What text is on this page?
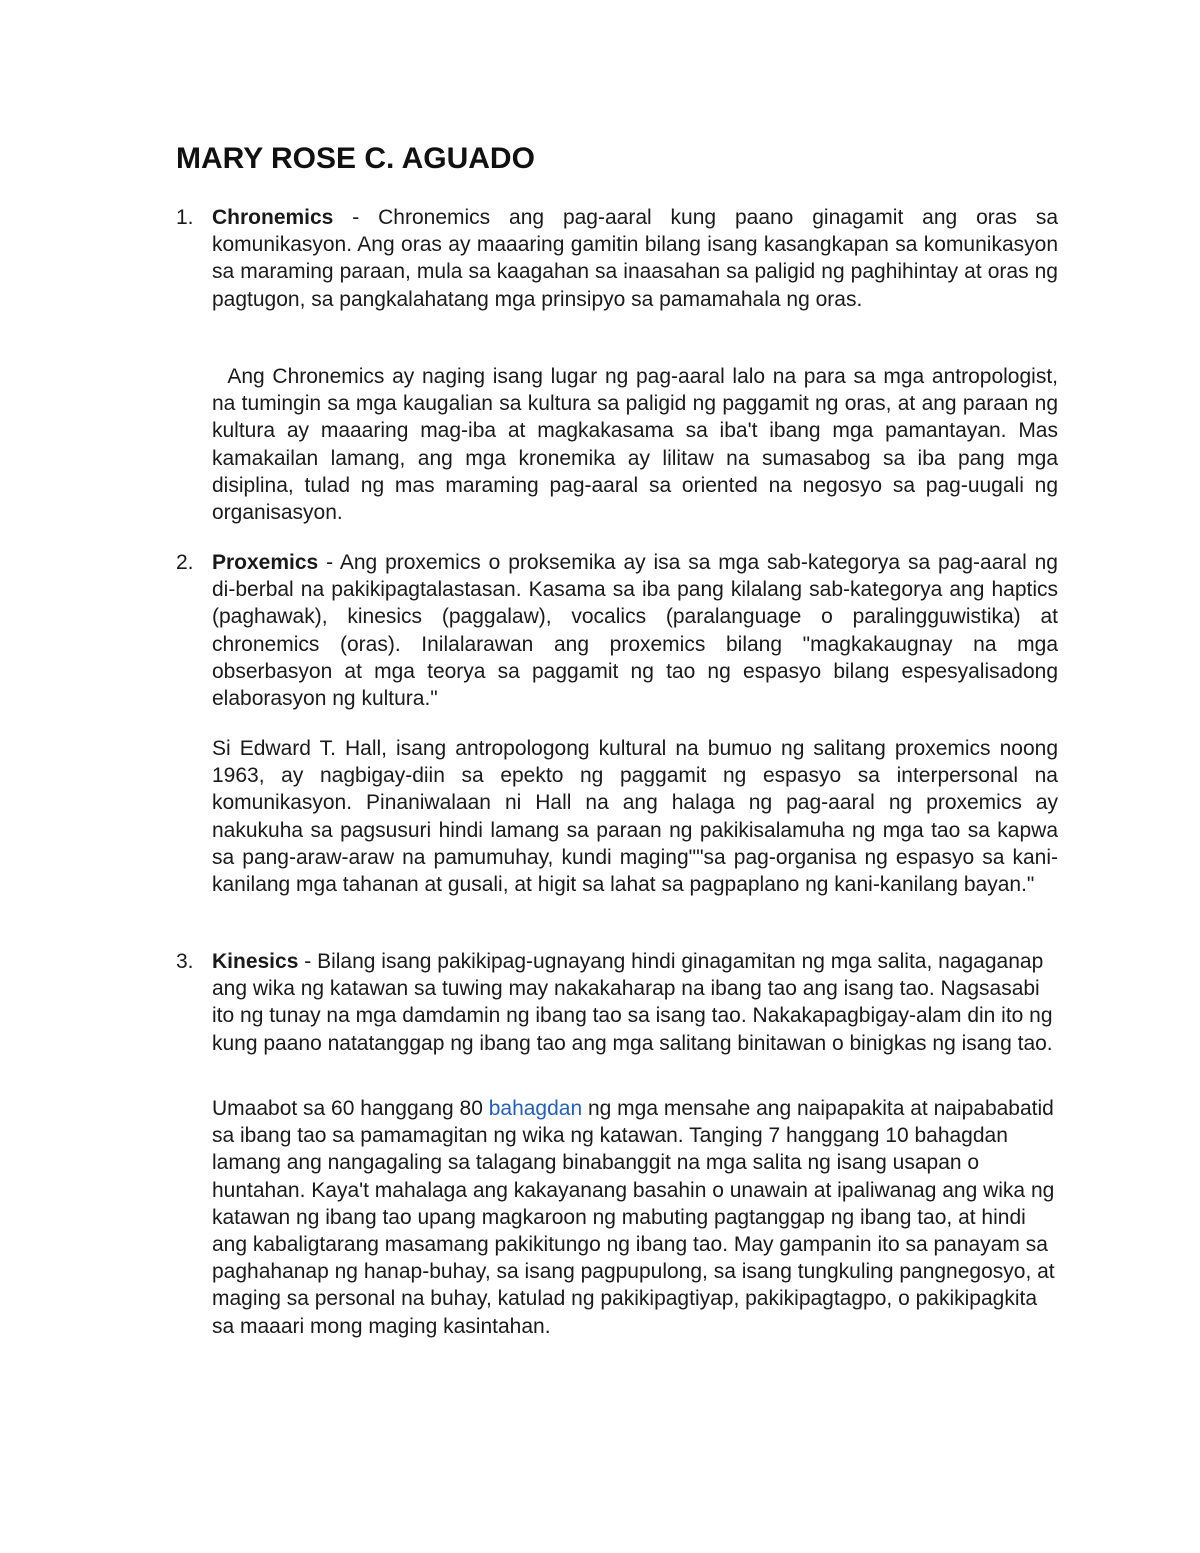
MARY ROSE C. AGUADO
1. Chronemics - Chronemics ang pag-aaral kung paano ginagamit ang oras sa komunikasyon. Ang oras ay maaaring gamitin bilang isang kasangkapan sa komunikasyon sa maraming paraan, mula sa kaagahan sa inaasahan sa paligid ng paghihintay at oras ng pagtugon, sa pangkalahatang mga prinsipyo sa pamamahala ng oras.

Ang Chronemics ay naging isang lugar ng pag-aaral lalo na para sa mga antropologist, na tumingin sa mga kaugalian sa kultura sa paligid ng paggamit ng oras, at ang paraan ng kultura ay maaaring mag-iba at magkakasama sa iba't ibang mga pamantayan. Mas kamakailan lamang, ang mga kronemika ay lilitaw na sumasabog sa iba pang mga disiplina, tulad ng mas maraming pag-aaral sa oriented na negosyo sa pag-uugali ng organisasyon.

2. Proxemics - Ang proxemics o proksemika ay isa sa mga sab-kategorya sa pag-aaral ng di-berbal na pakikipagtalastasan. Kasama sa iba pang kilalang sab-kategorya ang haptics (paghawak), kinesics (paggalaw), vocalics (paralanguage o paralingguwistika) at chronemics (oras). Inilalarawan ang proxemics bilang "magkakaugnay na mga obserbasyon at mga teorya sa paggamit ng tao ng espasyo bilang espesyalisadong elaborasyon ng kultura."

Si Edward T. Hall, isang antropologong kultural na bumuo ng salitang proxemics noong 1963, ay nagbigay-diin sa epekto ng paggamit ng espasyo sa interpersonal na komunikasyon. Pinaniwalaan ni Hall na ang halaga ng pag-aaral ng proxemics ay nakukuha sa pagsusuri hindi lamang sa paraan ng pakikisalamuha ng mga tao sa kapwa sa pang-araw-araw na pamumuhay, kundi maging""sa pag-organisa ng espasyo sa kani-kanilang mga tahanan at gusali, at higit sa lahat sa pagpaplano ng kani-kanilang bayan."

3. Kinesics - Bilang isang pakikipag-ugnayang hindi ginagamitan ng mga salita, nagaganap ang wika ng katawan sa tuwing may nakakaharap na ibang tao ang isang tao. Nagsasabi ito ng tunay na mga damdamin ng ibang tao sa isang tao. Nakakapagbigay-alam din ito ng kung paano natatanggap ng ibang tao ang mga salitang binitawan o binigkas ng isang tao.

Umaabot sa 60 hanggang 80 bahagdan ng mga mensahe ang naipapakita at naipababatid sa ibang tao sa pamamagitan ng wika ng katawan. Tanging 7 hanggang 10 bahagdan lamang ang nangagaling sa talagang binabanggit na mga salita ng isang usapan o huntahan. Kaya't mahalaga ang kakayanang basahin o unawain at ipaliwanag ang wika ng katawan ng ibang tao upang magkaroon ng mabuting pagtanggap ng ibang tao, at hindi ang kabaligtarang masamang pakikitungo ng ibang tao. May gampanin ito sa panayam sa paghahanap ng hanap-buhay, sa isang pagpupulong, sa isang tungkuling pangnegosyo, at maging sa personal na buhay, katulad ng pakikipagtiyap, pakikipagtagpo, o pakikipagkita sa maaari mong maging kasintahan.
